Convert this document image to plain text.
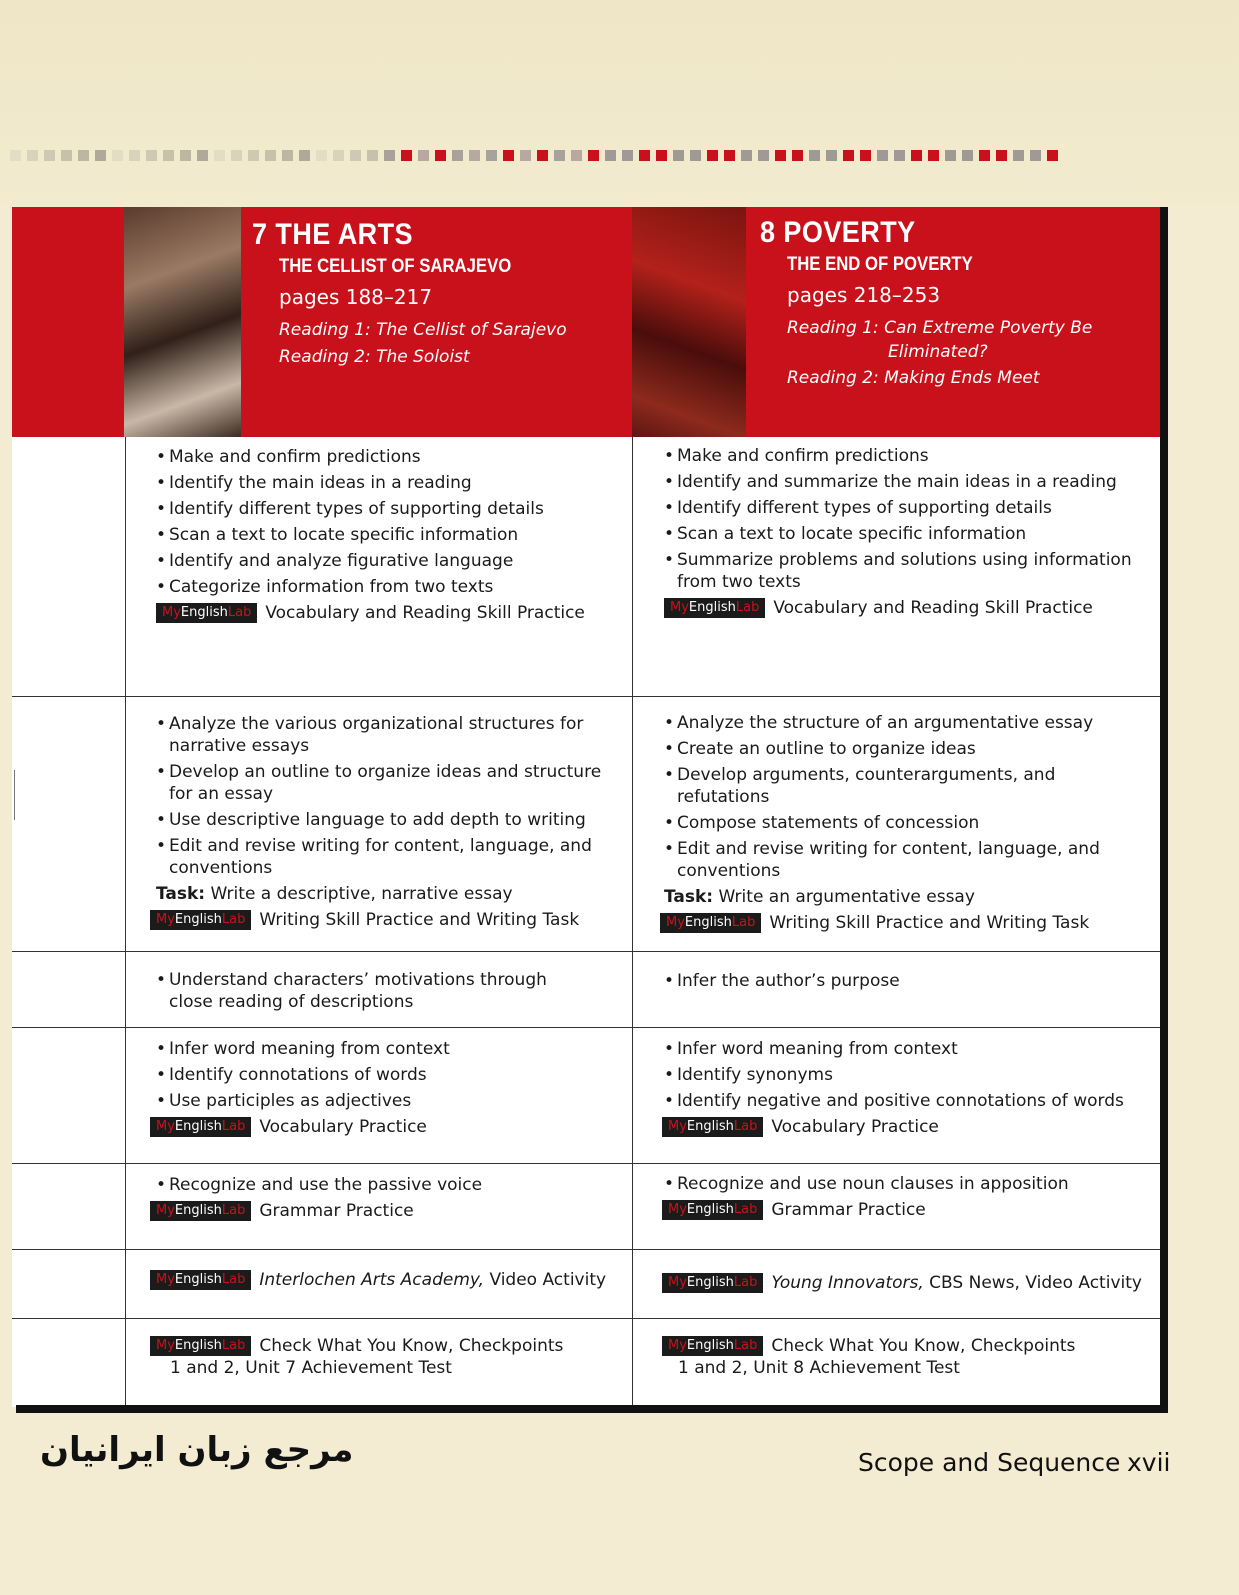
7 THE ARTS
THE CELLIST OF SARAJEVO
pages 188–217
Reading 1: The Cellist of Sarajevo
Reading 2: The Soloist
8 POVERTY
THE END OF POVERTY
pages 218–253
Reading 1: Can Extreme Poverty Be
Eliminated?
Reading 2: Making Ends Meet
• Make and confirm predictions
• Identify the main ideas in a reading
• Identify different types of supporting details
• Scan a text to locate specific information
• Identify and analyze figurative language
• Categorize information from two texts
MyEnglishLab Vocabulary and Reading Skill Practice
• Make and confirm predictions
• Identify and summarize the main ideas in a reading
• Identify different types of supporting details
• Scan a text to locate specific information
• Summarize problems and solutions using information from two texts
MyEnglishLab Vocabulary and Reading Skill Practice
• Analyze the various organizational structures for narrative essays
• Develop an outline to organize ideas and structure for an essay
• Use descriptive language to add depth to writing
• Edit and revise writing for content, language, and conventions
Task: Write a descriptive, narrative essay
MyEnglishLab Writing Skill Practice and Writing Task
• Analyze the structure of an argumentative essay
• Create an outline to organize ideas
• Develop arguments, counterarguments, and refutations
• Compose statements of concession
• Edit and revise writing for content, language, and conventions
Task: Write an argumentative essay
MyEnglishLab Writing Skill Practice and Writing Task
• Understand characters’ motivations through close reading of descriptions
• Infer the author’s purpose
• Infer word meaning from context
• Identify connotations of words
• Use participles as adjectives
MyEnglishLab Vocabulary Practice
• Infer word meaning from context
• Identify synonyms
• Identify negative and positive connotations of words
MyEnglishLab Vocabulary Practice
• Recognize and use the passive voice
MyEnglishLab Grammar Practice
• Recognize and use noun clauses in apposition
MyEnglishLab Grammar Practice
MyEnglishLab Interlochen Arts Academy, Video Activity	MyEnglishLab Young Innovators, CBS News, Video Activity
MyEnglishLab Check What You Know, Checkpoints
1 and 2, Unit 7 Achievement Test
MyEnglishLab Check What You Know, Checkpoints
1 and 2, Unit 8 Achievement Test
مرجع زبان ایرانیان	Scope and Sequence xvii
